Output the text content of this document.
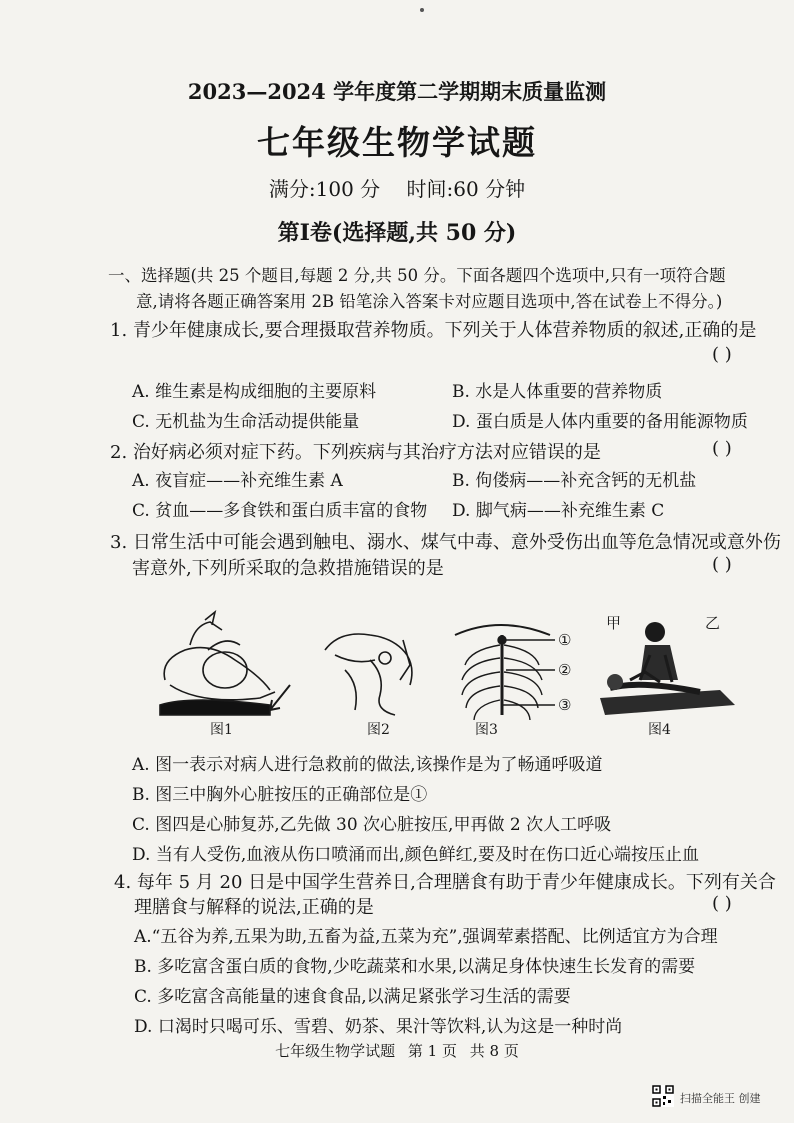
2023—2024 学年度第二学期期末质量监测
七年级生物学试题
满分:100 分 时间:60 分钟
第Ⅰ卷(选择题,共 50 分)
一、选择题(共 25 个题目,每题 2 分,共 50 分。下面各题四个选项中,只有一项符合题
意,请将各题正确答案用 2B 铅笔涂入答案卡对应题目选项中,答在试卷上不得分。)
1. 青少年健康成长,要合理摄取营养物质。下列关于人体营养物质的叙述,正确的是
( )
A. 维生素是构成细胞的主要原料	B. 水是人体重要的营养物质
C. 无机盐为生命活动提供能量	D. 蛋白质是人体内重要的备用能源物质
2. 治好病必须对症下药。下列疾病与其治疗方法对应错误的是	( )
A. 夜盲症——补充维生素 A	B. 佝偻病——补充含钙的无机盐
C. 贫血——多食铁和蛋白质丰富的食物 D. 脚气病——补充维生素 C
3. 日常生活中可能会遇到触电、溺水、煤气中毒、意外受伤出血等危急情况或意外伤
害意外,下列所采取的急救措施错误的是	( )
①
②
③
甲	乙
图1	图2	图3	图4
A. 图一表示对病人进行急救前的做法,该操作是为了畅通呼吸道
B. 图三中胸外心脏按压的正确部位是①
C. 图四是心肺复苏,乙先做 30 次心脏按压,甲再做 2 次人工呼吸
D. 当有人受伤,血液从伤口喷涌而出,颜色鲜红,要及时在伤口近心端按压止血
4. 每年 5 月 20 日是中国学生营养日,合理膳食有助于青少年健康成长。下列有关合
理膳食与解释的说法,正确的是	( )
A.“五谷为养,五果为助,五畜为益,五菜为充”,强调荤素搭配、比例适宜方为合理
B. 多吃富含蛋白质的食物,少吃蔬菜和水果,以满足身体快速生长发育的需要
C. 多吃富含高能量的速食食品,以满足紧张学习生活的需要
D. 口渴时只喝可乐、雪碧、奶茶、果汁等饮料,认为这是一种时尚
七年级生物学试题 第 1 页 共 8 页
扫描全能王 创建
